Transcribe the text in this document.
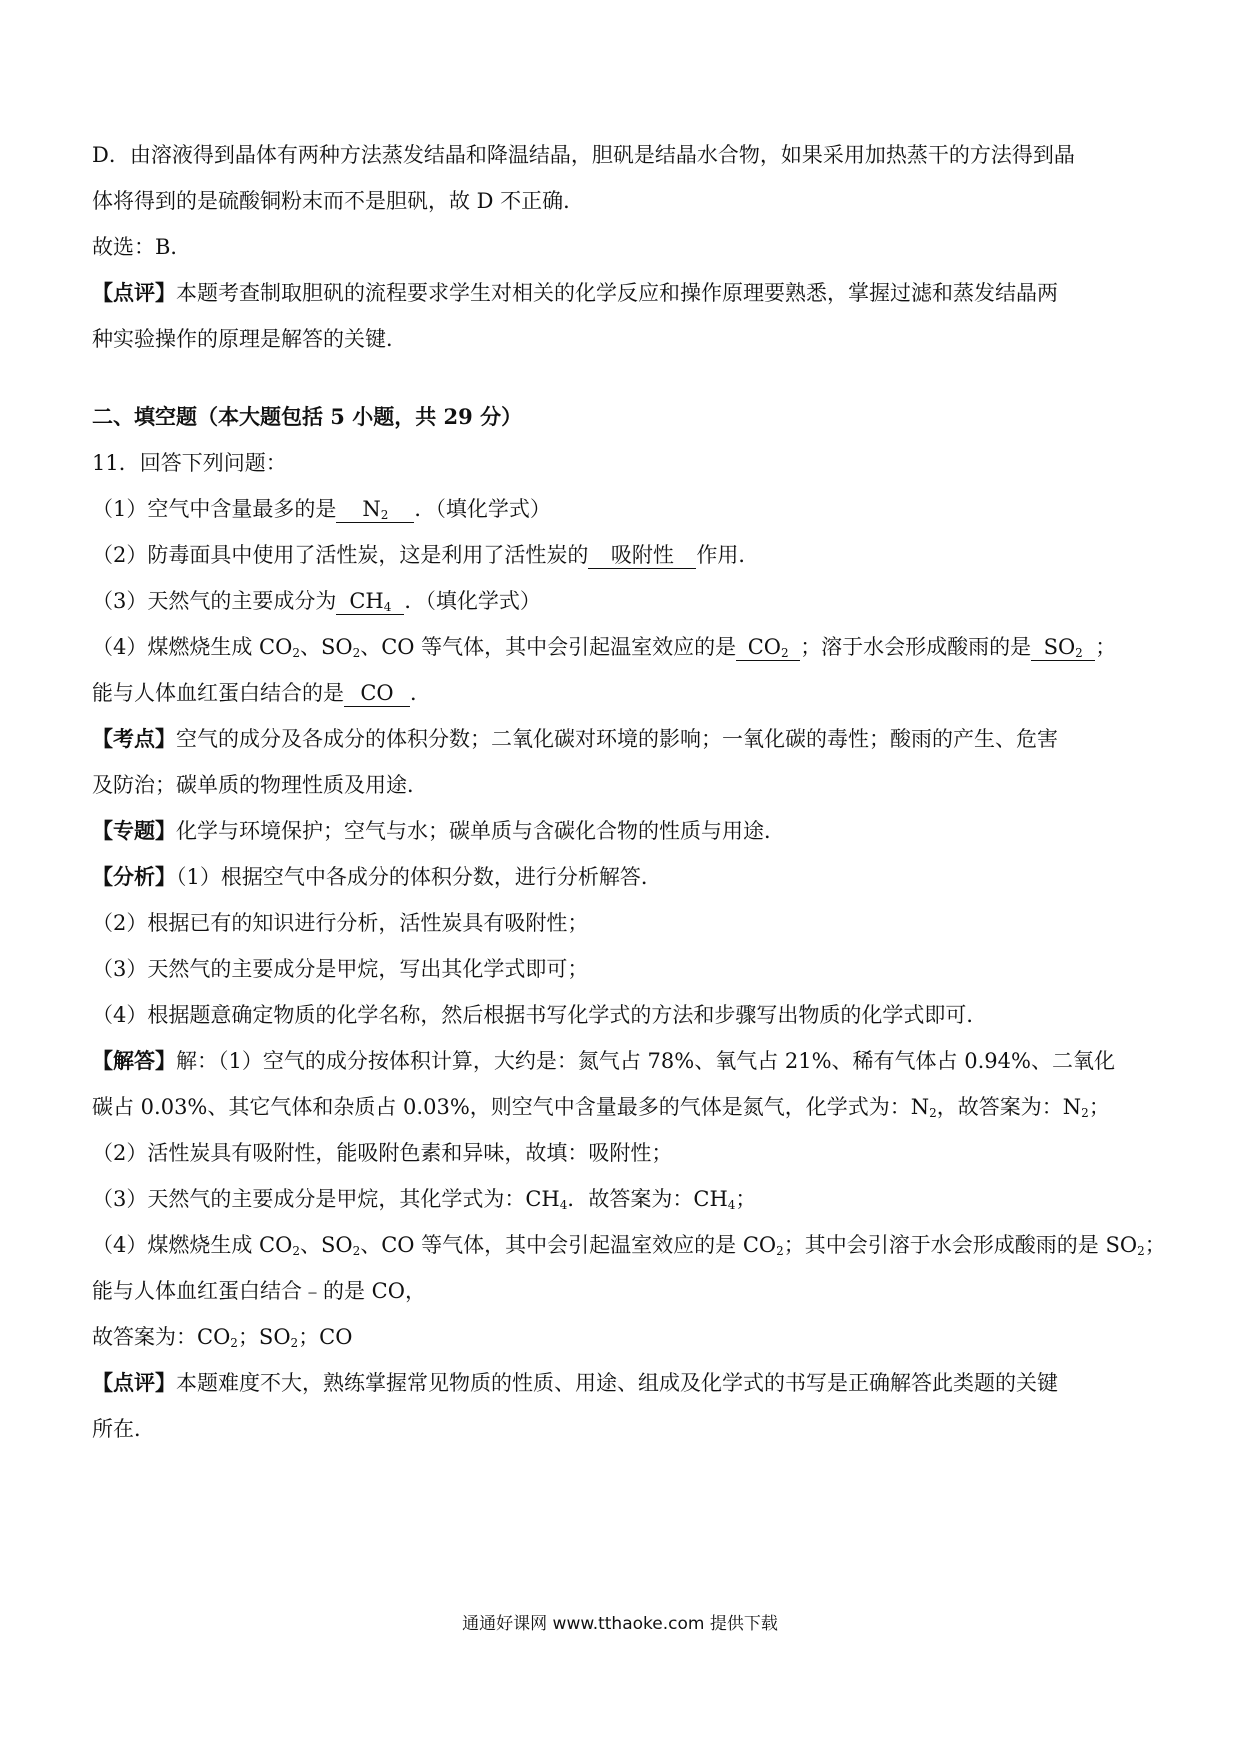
D．由溶液得到晶体有两种方法蒸发结晶和降温结晶，胆矾是结晶水合物，如果采用加热蒸干的方法得到晶
体将得到的是硫酸铜粉末而不是胆矾，故 D 不正确．
故选：B．
【点评】本题考查制取胆矾的流程要求学生对相关的化学反应和操作原理要熟悉，掌握过滤和蒸发结晶两
种实验操作的原理是解答的关键．
二、填空题（本大题包括 5 小题，共 29 分）
11．回答下列问题：
（1）空气中含量最多的是 $N_2$ ．（填化学式）
（2）防毒面具中使用了活性炭，这是利用了活性炭的 吸附性 作用．
（3）天然气的主要成分为 $CH_4$ ．（填化学式）
（4）煤燃烧生成 $CO_2$、$SO_2$、CO 等气体，其中会引起温室效应的是 $CO_2$ ；溶于水会形成酸雨的是 $SO_2$ ；
能与人体血红蛋白结合的是 CO ．
【考点】空气的成分及各成分的体积分数；二氧化碳对环境的影响；一氧化碳的毒性；酸雨的产生、危害
及防治；碳单质的物理性质及用途．
【专题】化学与环境保护；空气与水；碳单质与含碳化合物的性质与用途．
【分析】（1）根据空气中各成分的体积分数，进行分析解答．
（2）根据已有的知识进行分析，活性炭具有吸附性；
（3）天然气的主要成分是甲烷，写出其化学式即可；
（4）根据题意确定物质的化学名称，然后根据书写化学式的方法和步骤写出物质的化学式即可．
【解答】解：（1）空气的成分按体积计算，大约是：氮气占 78%、氧气占 21%、稀有气体占 0.94%、二氧化
碳占 0.03%、其它气体和杂质占 0.03%，则空气中含量最多的气体是氮气，化学式为：$N_2$，故答案为：$N_2$；
（2）活性炭具有吸附性，能吸附色素和异味，故填：吸附性；
（3）天然气的主要成分是甲烷，其化学式为：$CH_4$．故答案为：$CH_4$；
（4）煤燃烧生成 $CO_2$、$SO_2$、CO 等气体，其中会引起温室效应的是 $CO_2$；其中会引溶于水会形成酸雨的是 $SO_2$；
能与人体血红蛋白结合﹣的是 CO，
故答案为：$CO_2$；$SO_2$；CO
【点评】本题难度不大，熟练掌握常见物质的性质、用途、组成及化学式的书写是正确解答此类题的关键
所在．
通通好课网 www.tthaoke.com 提供下载
